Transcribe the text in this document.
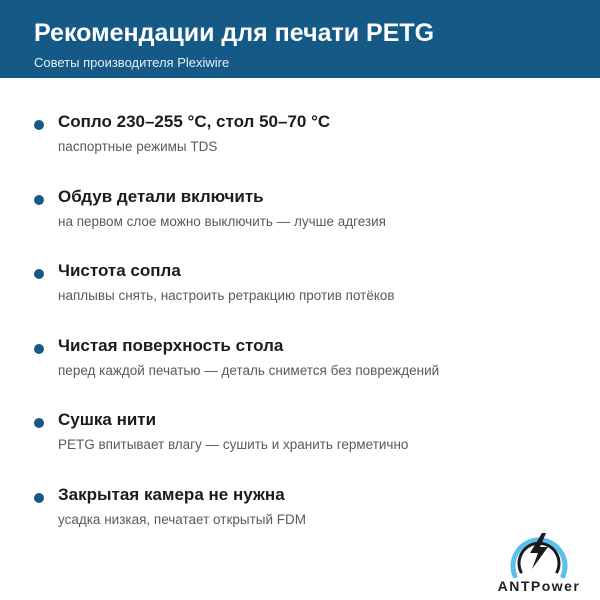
Рекомендации для печати PETG
Советы производителя Plexiwire
Сопло 230–255 °C, стол 50–70 °C
паспортные режимы TDS
Обдув детали включить
на первом слое можно выключить — лучше адгезия
Чистота сопла
наплывы снять, настроить ретракцию против потёков
Чистая поверхность стола
перед каждой печатью — деталь снимется без повреждений
Сушка нити
PETG впитывает влагу — сушить и хранить герметично
Закрытая камера не нужна
усадка низкая, печатает открытый FDM
ANTPower
